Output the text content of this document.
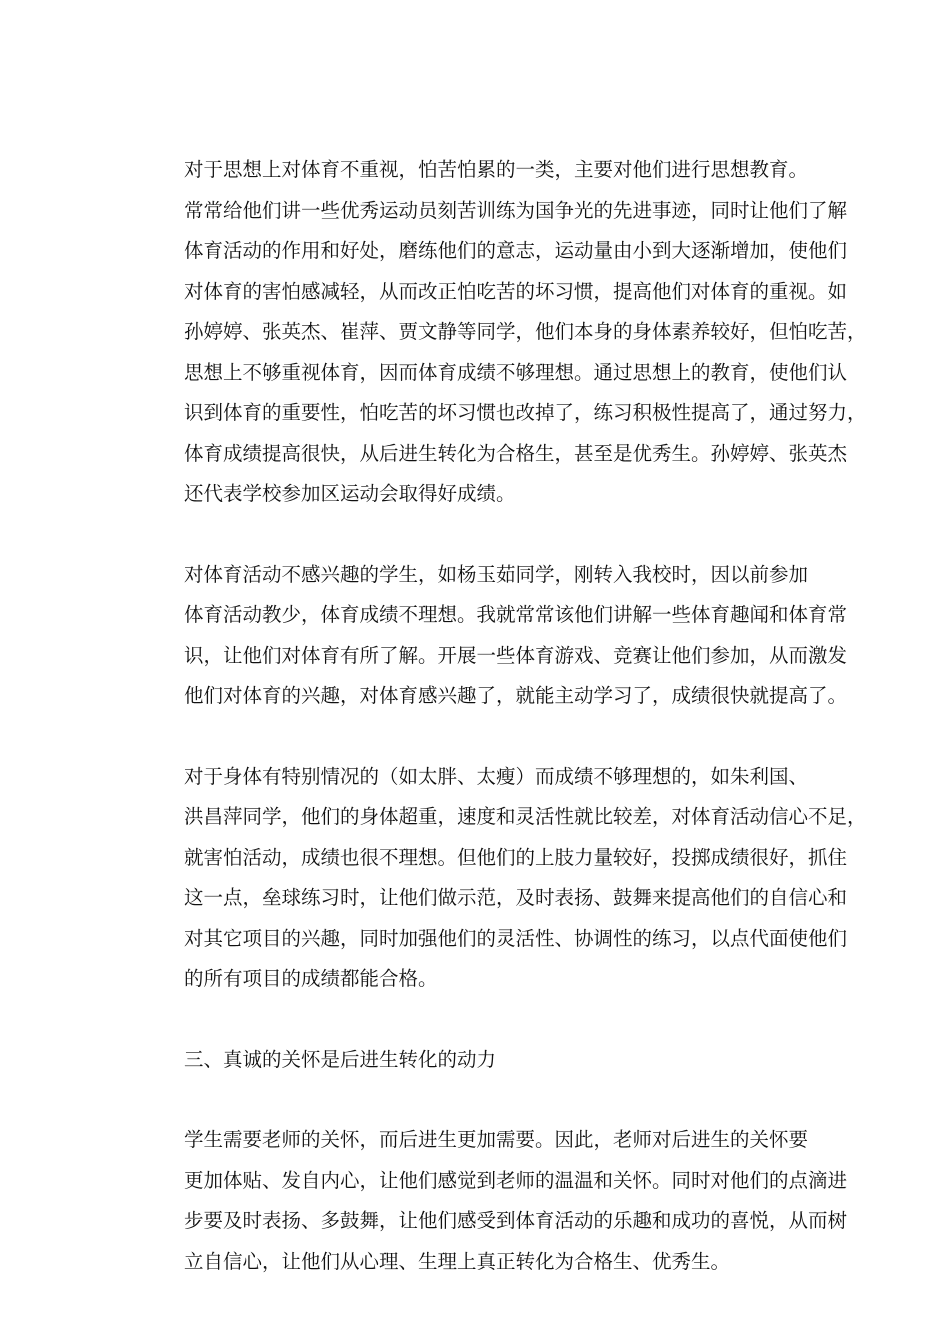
对于思想上对体育不重视，怕苦怕累的一类，主要对他们进行思想教育。
常常给他们讲一些优秀运动员刻苦训练为国争光的先进事迹，同时让他们了解
体育活动的作用和好处，磨练他们的意志，运动量由小到大逐渐增加，使他们
对体育的害怕感减轻，从而改正怕吃苦的坏习惯，提高他们对体育的重视。如
孙婷婷、张英杰、崔萍、贾文静等同学，他们本身的身体素养较好，但怕吃苦，
思想上不够重视体育，因而体育成绩不够理想。通过思想上的教育，使他们认
识到体育的重要性，怕吃苦的坏习惯也改掉了，练习积极性提高了，通过努力，
体育成绩提高很快，从后进生转化为合格生，甚至是优秀生。孙婷婷、张英杰
还代表学校参加区运动会取得好成绩。

对体育活动不感兴趣的学生，如杨玉茹同学，刚转入我校时，因以前参加
体育活动教少，体育成绩不理想。我就常常该他们讲解一些体育趣闻和体育常
识，让他们对体育有所了解。开展一些体育游戏、竞赛让他们参加，从而激发
他们对体育的兴趣，对体育感兴趣了，就能主动学习了，成绩很快就提高了。

对于身体有特别情况的（如太胖、太瘦）而成绩不够理想的，如朱利国、
洪昌萍同学，他们的身体超重，速度和灵活性就比较差，对体育活动信心不足，
就害怕活动，成绩也很不理想。但他们的上肢力量较好，投掷成绩很好，抓住
这一点，垒球练习时，让他们做示范，及时表扬、鼓舞来提高他们的自信心和
对其它项目的兴趣，同时加强他们的灵活性、协调性的练习，以点代面使他们
的所有项目的成绩都能合格。

三、真诚的关怀是后进生转化的动力

学生需要老师的关怀，而后进生更加需要。因此，老师对后进生的关怀要
更加体贴、发自内心，让他们感觉到老师的温温和关怀。同时对他们的点滴进
步要及时表扬、多鼓舞，让他们感受到体育活动的乐趣和成功的喜悦，从而树
立自信心，让他们从心理、生理上真正转化为合格生、优秀生。
